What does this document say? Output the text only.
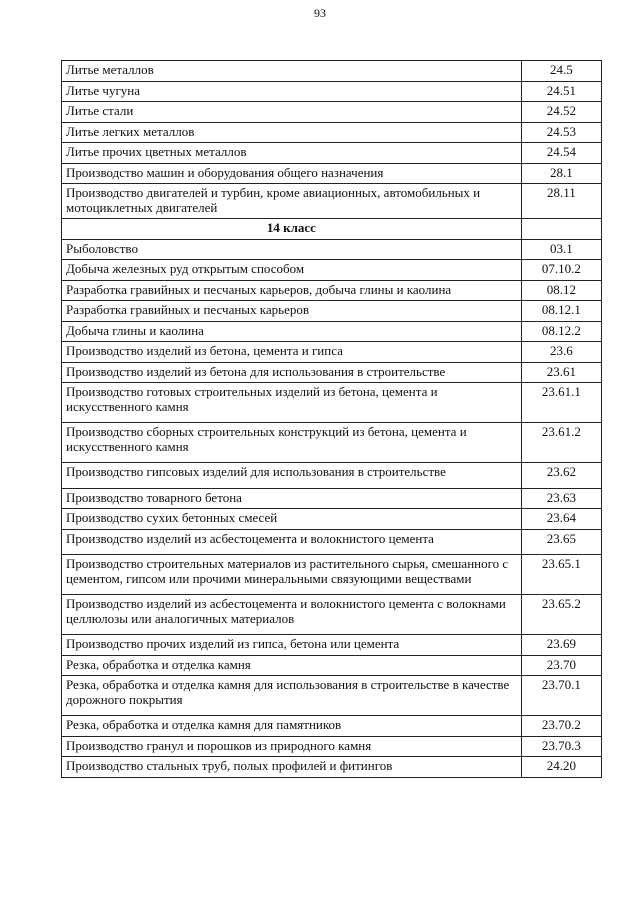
93
Литье металлов	24.5
Литье чугуна	24.51
Литье стали	24.52
Литье легких металлов	24.53
Литье прочих цветных металлов	24.54
Производство машин и оборудования общего назначения	28.1
Производство двигателей и турбин, кроме авиационных, автомобильных и мотоциклетных двигателей	28.11
14 класс	
Рыболовство	03.1
Добыча железных руд открытым способом	07.10.2
Разработка гравийных и песчаных карьеров, добыча глины и каолина	08.12
Разработка гравийных и песчаных карьеров	08.12.1
Добыча глины и каолина	08.12.2
Производство изделий из бетона, цемента и гипса	23.6
Производство изделий из бетона для использования в строительстве	23.61
Производство готовых строительных изделий из бетона, цемента и искусственного камня	23.61.1
Производство сборных строительных конструкций из бетона, цемента и искусственного камня	23.61.2
Производство гипсовых изделий для использования в строительстве	23.62
Производство товарного бетона	23.63
Производство сухих бетонных смесей	23.64
Производство изделий из асбестоцемента и волокнистого цемента	23.65
Производство строительных материалов из растительного сырья, смешанного с цементом, гипсом или прочими минеральными связующими веществами	23.65.1
Производство изделий из асбестоцемента и волокнистого цемента с волокнами целлюлозы или аналогичных материалов	23.65.2
Производство прочих изделий из гипса, бетона или цемента	23.69
Резка, обработка и отделка камня	23.70
Резка, обработка и отделка камня для использования в строительстве в качестве дорожного покрытия	23.70.1
Резка, обработка и отделка камня для памятников	23.70.2
Производство гранул и порошков из природного камня	23.70.3
Производство стальных труб, полых профилей и фитингов	24.20
